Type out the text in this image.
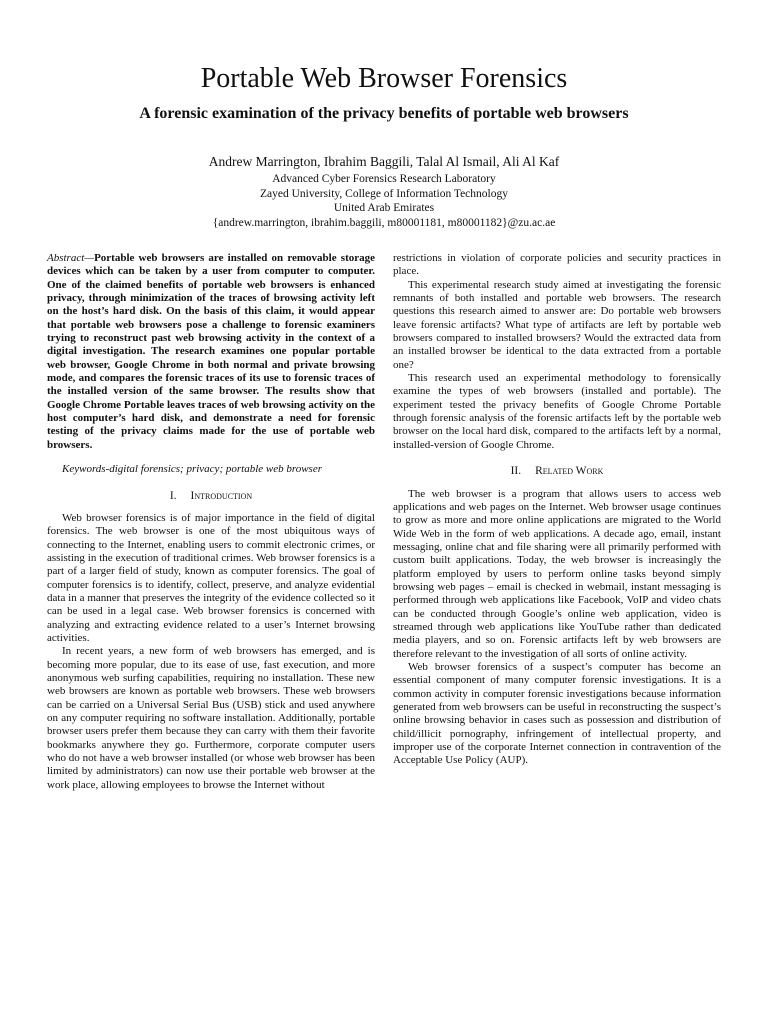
Portable Web Browser Forensics
A forensic examination of the privacy benefits of portable web browsers
Andrew Marrington, Ibrahim Baggili, Talal Al Ismail, Ali Al Kaf
Advanced Cyber Forensics Research Laboratory
Zayed University, College of Information Technology
United Arab Emirates
{andrew.marrington, ibrahim.baggili, m80001181, m80001182}@zu.ac.ae

Abstract—Portable web browsers are installed on removable storage devices which can be taken by a user from computer to computer. One of the claimed benefits of portable web browsers is enhanced privacy, through minimization of the traces of browsing activity left on the host’s hard disk. On the basis of this claim, it would appear that portable web browsers pose a challenge to forensic examiners trying to reconstruct past web browsing activity in the context of a digital investigation. The research examines one popular portable web browser, Google Chrome in both normal and private browsing mode, and compares the forensic traces of its use to forensic traces of the installed version of the same browser. The results show that Google Chrome Portable leaves traces of web browsing activity on the host computer’s hard disk, and demonstrate a need for forensic testing of the privacy claims made for the use of portable web browsers.

Keywords-digital forensics; privacy; portable web browser

I. Introduction

Web browser forensics is of major importance in the field of digital forensics. The web browser is one of the most ubiquitous ways of connecting to the Internet, enabling users to commit electronic crimes, or assisting in the execution of traditional crimes. Web browser forensics is a part of a larger field of study, known as computer forensics. The goal of computer forensics is to identify, collect, preserve, and analyze evidential data in a manner that preserves the integrity of the evidence collected so it can be used in a legal case. Web browser forensics is concerned with analyzing and extracting evidence related to a user’s Internet browsing activities.

In recent years, a new form of web browsers has emerged, and is becoming more popular, due to its ease of use, fast execution, and more anonymous web surfing capabilities, requiring no installation. These new web browsers are known as portable web browsers. These web browsers can be carried on a Universal Serial Bus (USB) stick and used anywhere on any computer requiring no software installation. Additionally, portable browser users prefer them because they can carry with them their favorite bookmarks anywhere they go. Furthermore, corporate computer users who do not have a web browser installed (or whose web browser has been limited by administrators) can now use their portable web browser at the work place, allowing employees to browse the Internet without

restrictions in violation of corporate policies and security practices in place.

This experimental research study aimed at investigating the forensic remnants of both installed and portable web browsers. The research questions this research aimed to answer are: Do portable web browsers leave forensic artifacts? What type of artifacts are left by portable web browsers compared to installed browsers? Would the extracted data from an installed browser be identical to the data extracted from a portable one?

This research used an experimental methodology to forensically examine the types of web browsers (installed and portable). The experiment tested the privacy benefits of Google Chrome Portable through forensic analysis of the forensic artifacts left by the portable web browser on the local hard disk, compared to the artifacts left by a normal, installed-version of Google Chrome.

II. Related Work

The web browser is a program that allows users to access web applications and web pages on the Internet. Web browser usage continues to grow as more and more online applications are migrated to the World Wide Web in the form of web applications. A decade ago, email, instant messaging, online chat and file sharing were all primarily performed with custom built applications. Today, the web browser is increasingly the platform employed by users to perform online tasks beyond simply browsing web pages – email is checked in webmail, instant messaging is performed through web applications like Facebook, VoIP and video chats can be conducted through Google’s online web application, video is streamed through web applications like YouTube rather than dedicated media players, and so on. Forensic artifacts left by web browsers are therefore relevant to the investigation of all sorts of online activity.

Web browser forensics of a suspect’s computer has become an essential component of many computer forensic investigations. It is a common activity in computer forensic investigations because information generated from web browsers can be useful in reconstructing the suspect’s online browsing behavior in cases such as possession and distribution of child/illicit pornography, infringement of intellectual property, and improper use of the corporate Internet connection in contravention of the Acceptable Use Policy (AUP).
